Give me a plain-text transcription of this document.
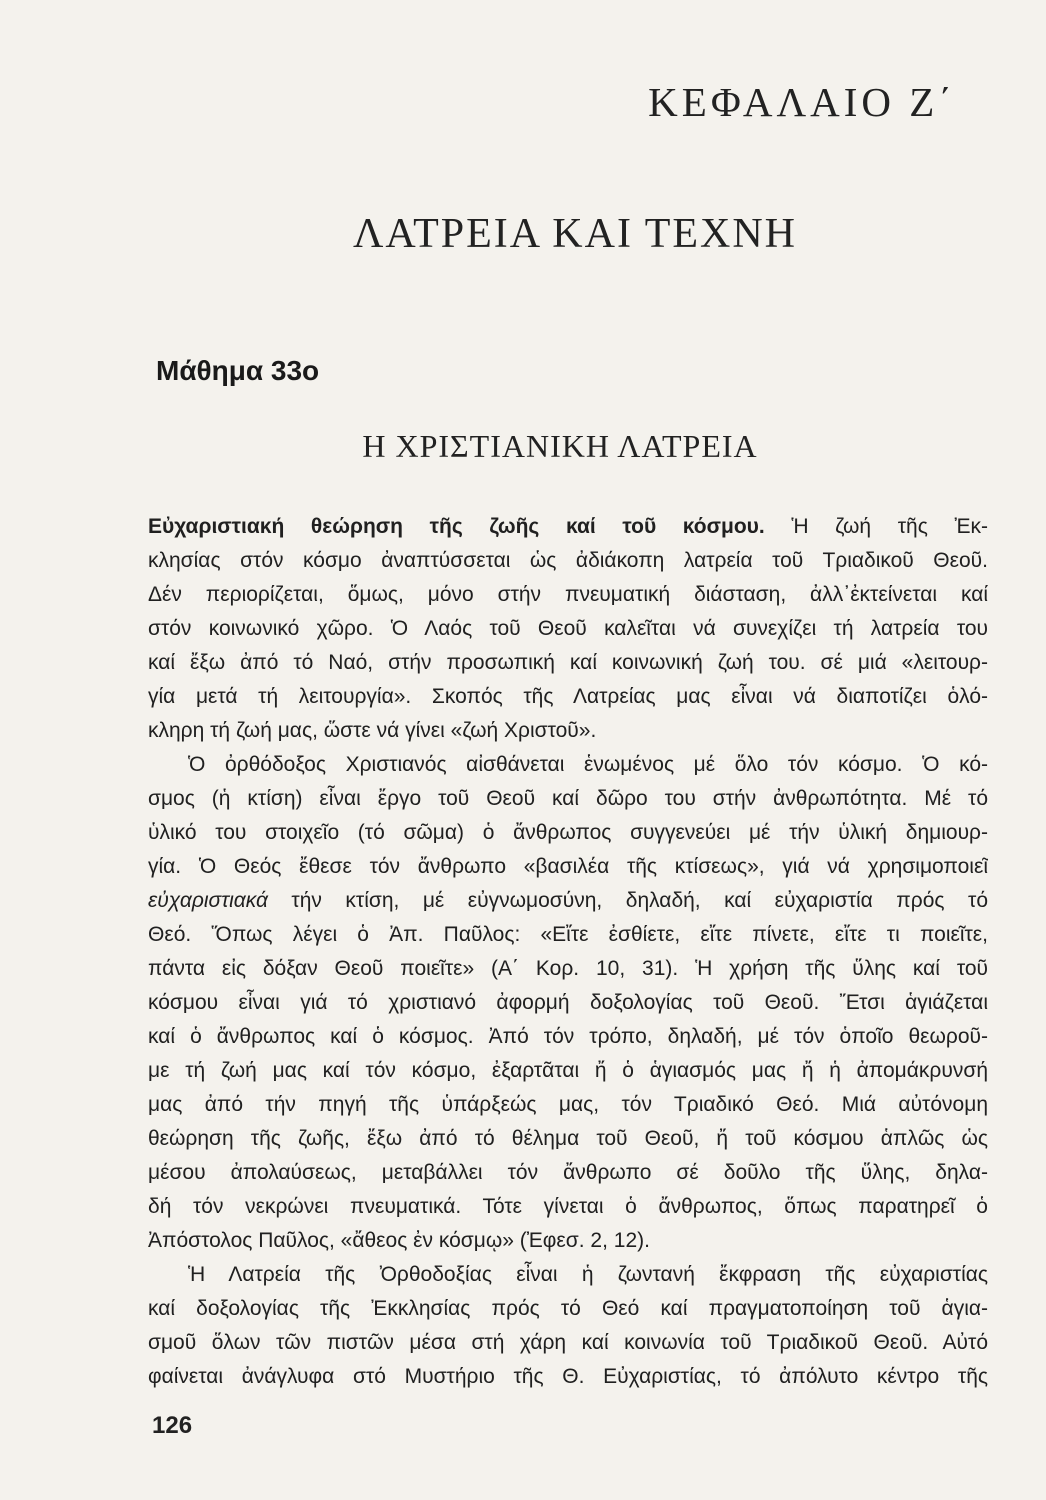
ΚΕΦΑΛΑΙΟ Ζ΄
ΛΑΤΡΕΙΑ ΚΑΙ ΤΕΧΝΗ
Μάθημα 33ο
Η ΧΡΙΣΤΙΑΝΙΚΗ ΛΑΤΡΕΙΑ
Εὐχαριστιακή θεώρηση τῆς ζωῆς καί τοῦ κόσμου. Ἡ ζωή τῆς Ἐκ-
κλησίας στόν κόσμο ἀναπτύσσεται ὡς ἀδιάκοπη λατρεία τοῦ Τριαδικοῦ Θεοῦ.
Δέν περιορίζεται, ὅμως, μόνο στήν πνευματική διάσταση, ἀλλ᾽ἐκτείνεται καί
στόν κοινωνικό χῶρο. Ὁ Λαός τοῦ Θεοῦ καλεῖται νά συνεχίζει τή λατρεία του
καί ἔξω ἀπό τό Ναό, στήν προσωπική καί κοινωνική ζωή του. σέ μιά «λειτουρ-
γία μετά τή λειτουργία». Σκοπός τῆς Λατρείας μας εἶναι νά διαποτίζει ὁλό-
κληρη τή ζωή μας, ὥστε νά γίνει «ζωή Χριστοῦ».
Ὁ ὀρθόδοξος Χριστιανός αἰσθάνεται ἑνωμένος μέ ὅλο τόν κόσμο. Ὁ κό-
σμος (ἡ κτίση) εἶναι ἔργο τοῦ Θεοῦ καί δῶρο του στήν ἀνθρωπότητα. Μέ τό
ὑλικό του στοιχεῖο (τό σῶμα) ὁ ἄνθρωπος συγγενεύει μέ τήν ὑλική δημιουρ-
γία. Ὁ Θεός ἔθεσε τόν ἄνθρωπο «βασιλέα τῆς κτίσεως», γιά νά χρησιμοποιεῖ
εὐχαριστιακά τήν κτίση, μέ εὐγνωμοσύνη, δηλαδή, καί εὐχαριστία πρός τό
Θεό. Ὅπως λέγει ὁ Ἀπ. Παῦλος: «Εἴτε ἐσθίετε, εἴτε πίνετε, εἴτε τι ποιεῖτε,
πάντα εἰς δόξαν Θεοῦ ποιεῖτε» (Α΄ Κορ. 10, 31). Ἡ χρήση τῆς ὕλης καί τοῦ
κόσμου εἶναι γιά τό χριστιανό ἀφορμή δοξολογίας τοῦ Θεοῦ. Ἔτσι ἁγιάζεται
καί ὁ ἄνθρωπος καί ὁ κόσμος. Ἀπό τόν τρόπο, δηλαδή, μέ τόν ὁποῖο θεωροῦ-
με τή ζωή μας καί τόν κόσμο, ἐξαρτᾶται ἤ ὁ ἁγιασμός μας ἤ ἡ ἀπομάκρυνσή
μας ἀπό τήν πηγή τῆς ὑπάρξεώς μας, τόν Τριαδικό Θεό. Μιά αὐτόνομη
θεώρηση τῆς ζωῆς, ἔξω ἀπό τό θέλημα τοῦ Θεοῦ, ἤ τοῦ κόσμου ἁπλῶς ὡς
μέσου ἀπολαύσεως, μεταβάλλει τόν ἄνθρωπο σέ δοῦλο τῆς ὕλης, δηλα-
δή τόν νεκρώνει πνευματικά. Τότε γίνεται ὁ ἄνθρωπος, ὅπως παρατηρεῖ ὁ
Ἀπόστολος Παῦλος, «ἄθεος ἐν κόσμῳ» (Ἐφεσ. 2, 12).
Ἡ Λατρεία τῆς Ὀρθοδοξίας εἶναι ἡ ζωντανή ἔκφραση τῆς εὐχαριστίας
καί δοξολογίας τῆς Ἐκκλησίας πρός τό Θεό καί πραγματοποίηση τοῦ ἁγια-
σμοῦ ὅλων τῶν πιστῶν μέσα στή χάρη καί κοινωνία τοῦ Τριαδικοῦ Θεοῦ. Αὐτό
φαίνεται ἀνάγλυφα στό Μυστήριο τῆς Θ. Εὐχαριστίας, τό ἀπόλυτο κέντρο τῆς
126
